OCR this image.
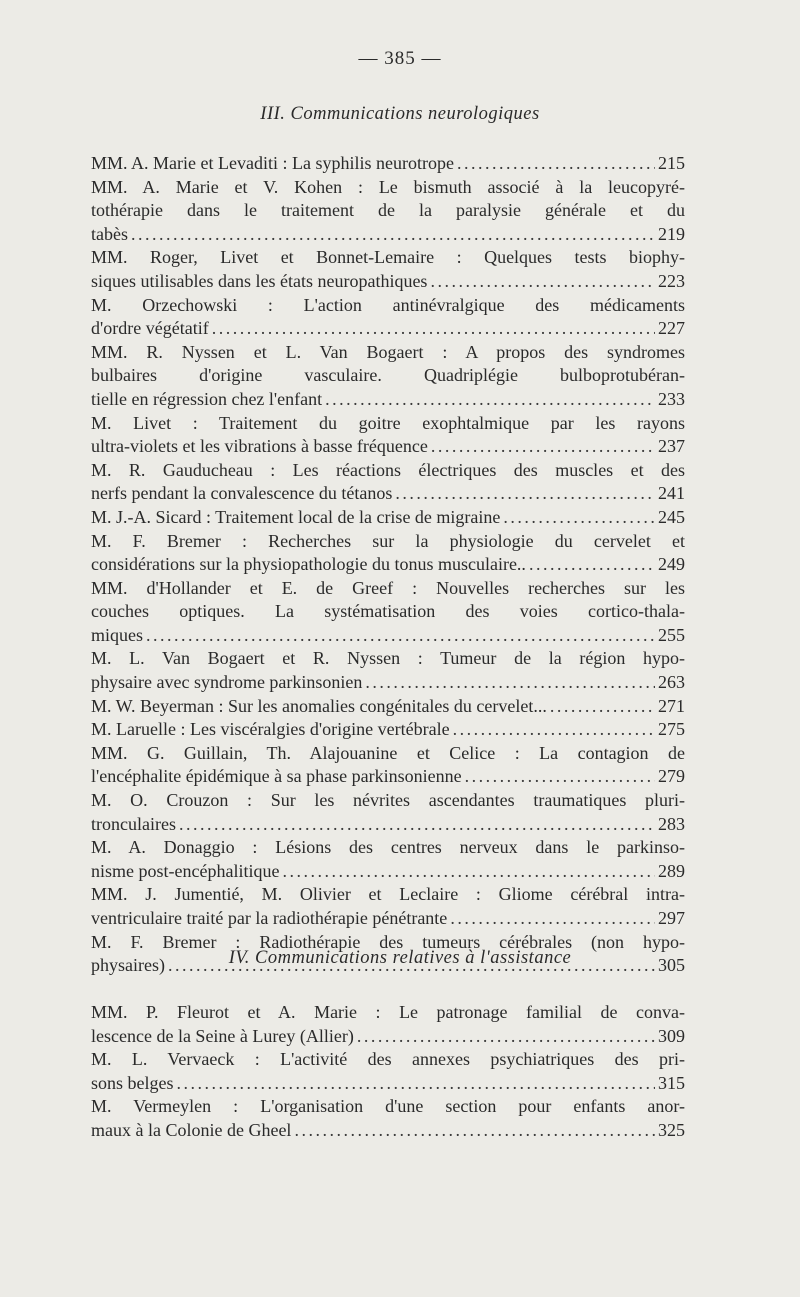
— 385 —
III. Communications neurologiques
MM. A. Marie et Levaditi : La syphilis neurotrope . . .	215
MM. A. Marie et V. Kohen : Le bismuth associé à la leucopyré-
tothérapie dans le traitement de la paralysie générale et du
tabès . . .	219
MM. Roger, Livet et Bonnet-Lemaire : Quelques tests biophy-
siques utilisables dans les états neuropathiques . . .	223
M. Orzechowski : L'action antinévralgique des médicaments
d'ordre végétatif . . .	227
MM. R. Nyssen et L. Van Bogaert : A propos des syndromes
bulbaires d'origine vasculaire. Quadriplégie bulboprotubéran-
tielle en régression chez l'enfant . . .	233
M. Livet : Traitement du goitre exophtalmique par les rayons
ultra-violets et les vibrations à basse fréquence . . .	237
M. R. Gauducheau : Les réactions électriques des muscles et des
nerfs pendant la convalescence du tétanos . . .	241
M. J.-A. Sicard : Traitement local de la crise de migraine . . .	245
M. F. Bremer : Recherches sur la physiologie du cervelet et
considérations sur la physiopathologie du tonus musculaire.. . . .	249
MM. d'Hollander et E. de Greef : Nouvelles recherches sur les
couches optiques. La systématisation des voies cortico-thala-
miques . . .	255
M. L. Van Bogaert et R. Nyssen : Tumeur de la région hypo-
physaire avec syndrome parkinsonien . . .	263
M. W. Beyerman : Sur les anomalies congénitales du cervelet... . . .	271
M. Laruelle : Les viscéralgies d'origine vertébrale . . .	275
MM. G. Guillain, Th. Alajouanine et Celice : La contagion de
l'encéphalite épidémique à sa phase parkinsonienne . . .	279
M. O. Crouzon : Sur les névrites ascendantes traumatiques pluri-
tronculaires . . .	283
M. A. Donaggio : Lésions des centres nerveux dans le parkinso-
nisme post-encéphalitique . . .	289
MM. J. Jumentié, M. Olivier et Leclaire : Gliome cérébral intra-
ventriculaire traité par la radiothérapie pénétrante . . .	297
M. F. Bremer : Radiothérapie des tumeurs cérébrales (non hypo-
physaires) . . .	305
IV. Communications relatives à l'assistance
MM. P. Fleurot et A. Marie : Le patronage familial de conva-
lescence de la Seine à Lurey (Allier) . . .	309
M. L. Vervaeck : L'activité des annexes psychiatriques des pri-
sons belges . . .	315
M. Vermeylen : L'organisation d'une section pour enfants anor-
maux à la Colonie de Gheel . . .	325
